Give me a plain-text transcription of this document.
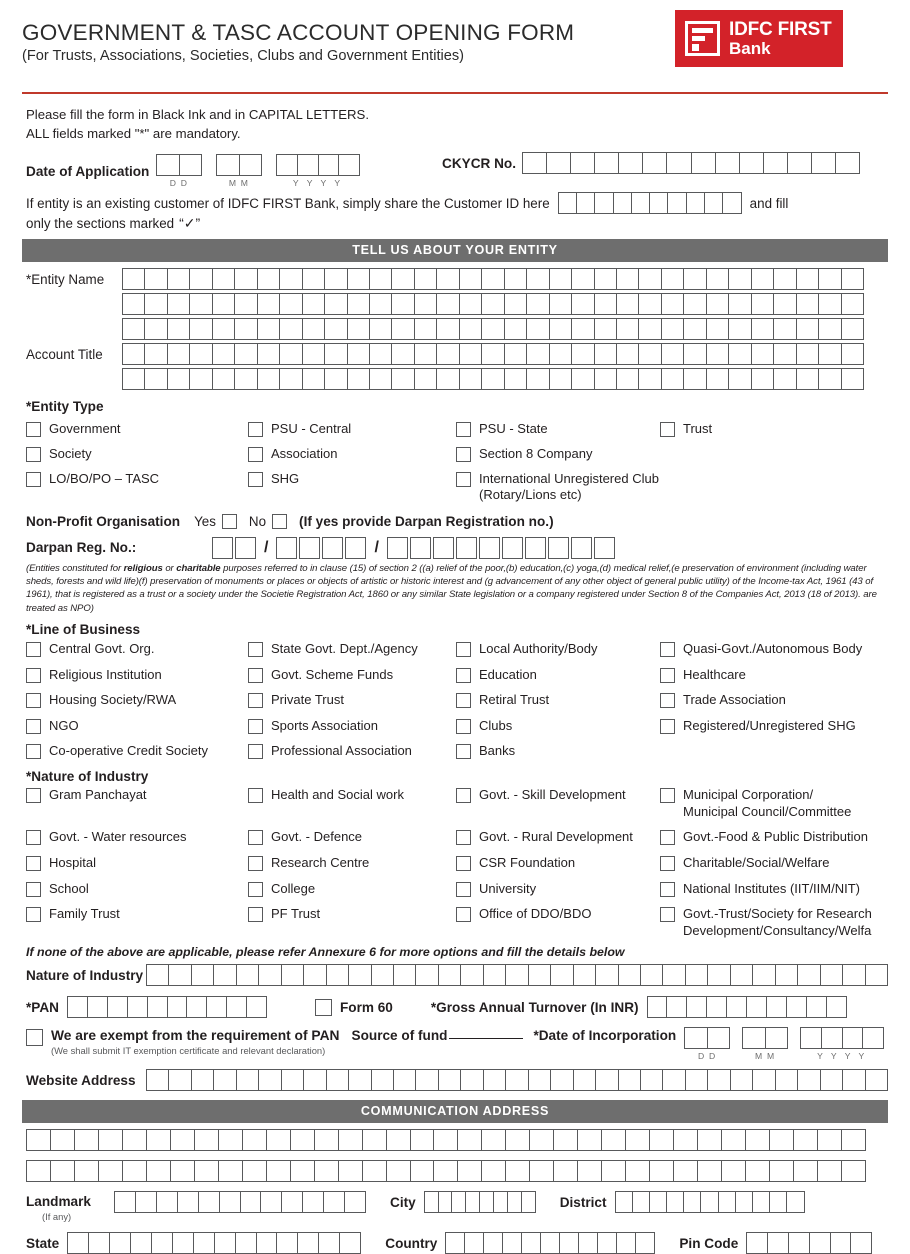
GOVERNMENT & TASC ACCOUNT OPENING FORM
(For Trusts, Associations, Societies, Clubs and Government Entities)
IDFC FIRST
Bank
Please fill the form in Black Ink and in CAPITAL LETTERS.
ALL fields marked "*" are mandatory.
Date of Application
D D	M M	Y Y Y Y
CKYCR No.
If entity is an existing customer of IDFC FIRST Bank, simply share the Customer ID here	and fill
only the sections marked “✓”
TELL US ABOUT YOUR ENTITY
*Entity Name
Account Title
*Entity Type
Government	PSU - Central	PSU - State	Trust
Society	Association	Section 8 Company
LO/BO/PO – TASC	SHG	International Unregistered Club (Rotary/Lions etc)
Non-Profit Organisation Yes No (If yes provide Darpan Registration no.)
Darpan Reg. No.:	/	/
(Entities constituted for religious or charitable purposes referred to in clause (15) of section 2 ((a) relief of the poor,(b) education,(c) yoga,(d) medical relief,(e preservation of environment (including water sheds, forests and wild life)(f) preservation of monuments or places or objects of artistic or historic interest and (g advancement of any other object of general public utility) of the Income-tax Act, 1961 (43 of 1961), that is registered as a trust or a society under the Societie Registration Act, 1860 or any similar State legislation or a company registered under Section 8 of the Companies Act, 2013 (18 of 2013). are treated as NPO)
*Line of Business
Central Govt. Org.	State Govt. Dept./Agency	Local Authority/Body	Quasi-Govt./Autonomous Body
Religious Institution	Govt. Scheme Funds	Education	Healthcare
Housing Society/RWA	Private Trust	Retiral Trust	Trade Association
NGO	Sports Association	Clubs	Registered/Unregistered SHG
Co-operative Credit Society	Professional Association	Banks
*Nature of Industry
Gram Panchayat	Health and Social work	Govt. - Skill Development	Municipal Corporation/
Municipal Council/Committee
Govt. - Water resources	Govt. - Defence	Govt. - Rural Development	Govt.-Food & Public Distribution
Hospital	Research Centre	CSR Foundation	Charitable/Social/Welfare
School	College	University	National Institutes (IIT/IIM/NIT)
Family Trust	PF Trust	Office of DDO/BDO	Govt.-Trust/Society for Research
Development/Consultancy/Welfa
If none of the above are applicable, please refer Annexure 6 for more options and fill the details below
Nature of Industry
*PAN	Form 60	*Gross Annual Turnover (In INR)
We are exempt from the requirement of PAN
(We shall submit IT exemption certificate and relevant declaration)
Source of fund	*Date of Incorporation
D D	M M	Y Y Y Y
Website Address
COMMUNICATION ADDRESS
Landmark
(If any)
City	District
State	Country	Pin Code
